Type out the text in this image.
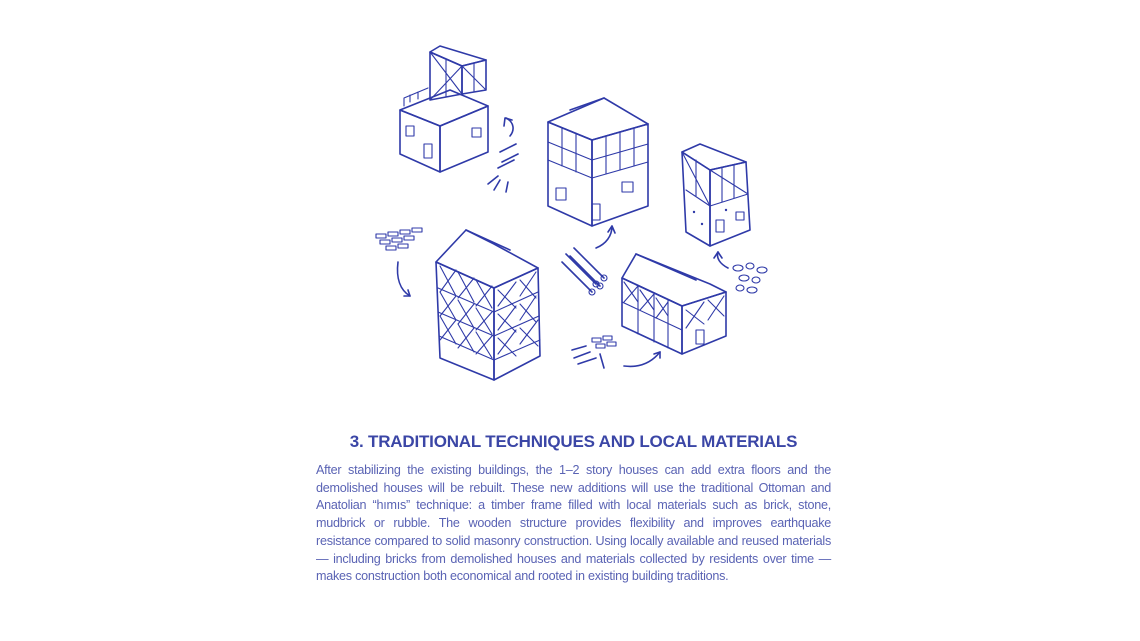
3. TRADITIONAL TECHNIQUES AND LOCAL MATERIALS

After stabilizing the existing buildings, the 1–2 story houses can add extra floors and the demolished houses will be rebuilt. These new additions will use the traditional Ottoman and Anatolian “hımıs” technique: a timber frame filled with local materials such as brick, stone, mudbrick or rubble. The wooden structure provides flexibility and improves earthquake resistance compared to solid masonry construction. Using locally available and reused materials — including bricks from demolished houses and materials collected by residents over time — makes construction both economical and rooted in existing building traditions.
